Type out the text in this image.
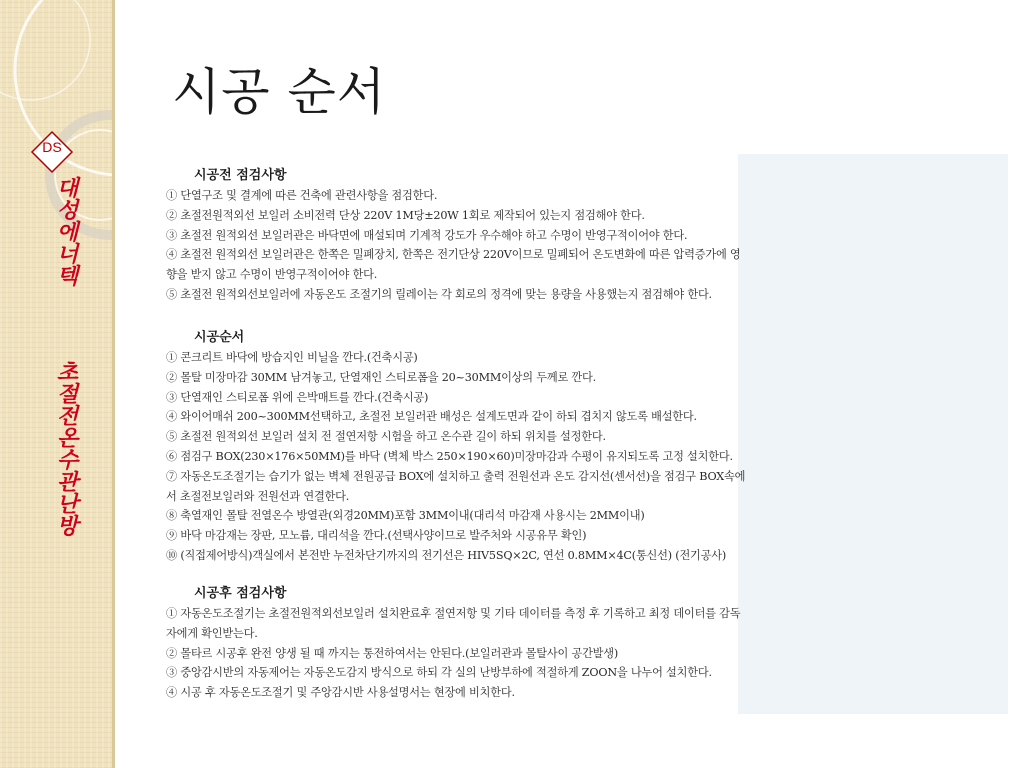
DS
대성에너텍
초절전온수관난방
시공 순서
시공전 점검사항
① 단열구조 및 결계에 따른 건축에 관련사항을 점검한다.
② 초절전원적외선 보일러 소비전력 단상 220V 1M당±20W 1회로 제작되어 있는지 점검해야 한다.
③ 초절전 원적외선 보일러관은 바닥면에 매설되며 기계적 강도가 우수해야 하고 수명이 반영구적이어야 한다.
④ 초절전 원적외선 보일러관은 한쪽은 밀폐장치, 한쪽은 전기단상 220V이므로 밀폐되어 온도변화에 따른 압력증가에 영
향을 받지 않고 수명이 반영구적이어야 한다.
⑤ 초절전 원적외선보일러에 자동온도 조절기의 릴레이는 각 회로의 정격에 맞는 용량을 사용했는지 점검해야 한다.
시공순서
① 콘크리트 바닥에 방습지인 비닐을 깐다.(건축시공)
② 몰탈 미장마감 30MM 남겨놓고, 단열재인 스티로폼을 20~30MM이상의 두께로 깐다.
③ 단열재인 스티로폼 위에 은박매트를 깐다.(건축시공)
④ 와이어매쉬 200~300MM선택하고, 초절전 보일러관 배성은 설계도면과 같이 하되 겹치지 않도록 배설한다.
⑤ 초절전 원적외선 보일러 설치 전 절연저항 시험을 하고 온수관 길이 하되 위치를 설정한다.
⑥ 점검구 BOX(230×176×50MM)를 바닥 (벽체 박스 250×190×60)미장마감과 수평이 유지되도록 고정 설치한다.
⑦ 자동온도조절기는 습기가 없는 벽체 전원공급 BOX에 설치하고 출력 전원선과 온도 감지선(센서선)을 점검구 BOX속에
서 초절전보일러와 전원선과 연결한다.
⑧ 축열재인 몰탈 전열온수 방열관(외경20MM)포함 3MM이내(대리석 마감재 사용시는 2MM이내)
⑨ 바닥 마감재는 장판, 모노륨, 대리석을 깐다.(선택사양이므로 발주처와 시공유무 확인)
⑩ (직접제어방식)객실에서 본전반 누전차단기까지의 전기선은 HIV5SQ×2C, 연선 0.8MM×4C(통신선) (전기공사)
시공후 점검사항
① 자동온도조절기는 초절전원적외선보일러 설치완료후 절연저항 및 기타 데이터를 측정 후 기록하고 최정 데이터를 감독
자에게 확인받는다.
② 몰타르 시공후 완전 양생 될 때 까지는 통전하여서는 안된다.(보일러관과 몰탈사이 공간발생)
③ 중앙감시반의 자동제어는 자동온도감지 방식으로 하되 각 실의 난방부하에 적절하게 ZOON을 나누어 설치한다.
④ 시공 후 자동온도조절기 및 주앙감시반 사용설명서는 현장에 비치한다.
